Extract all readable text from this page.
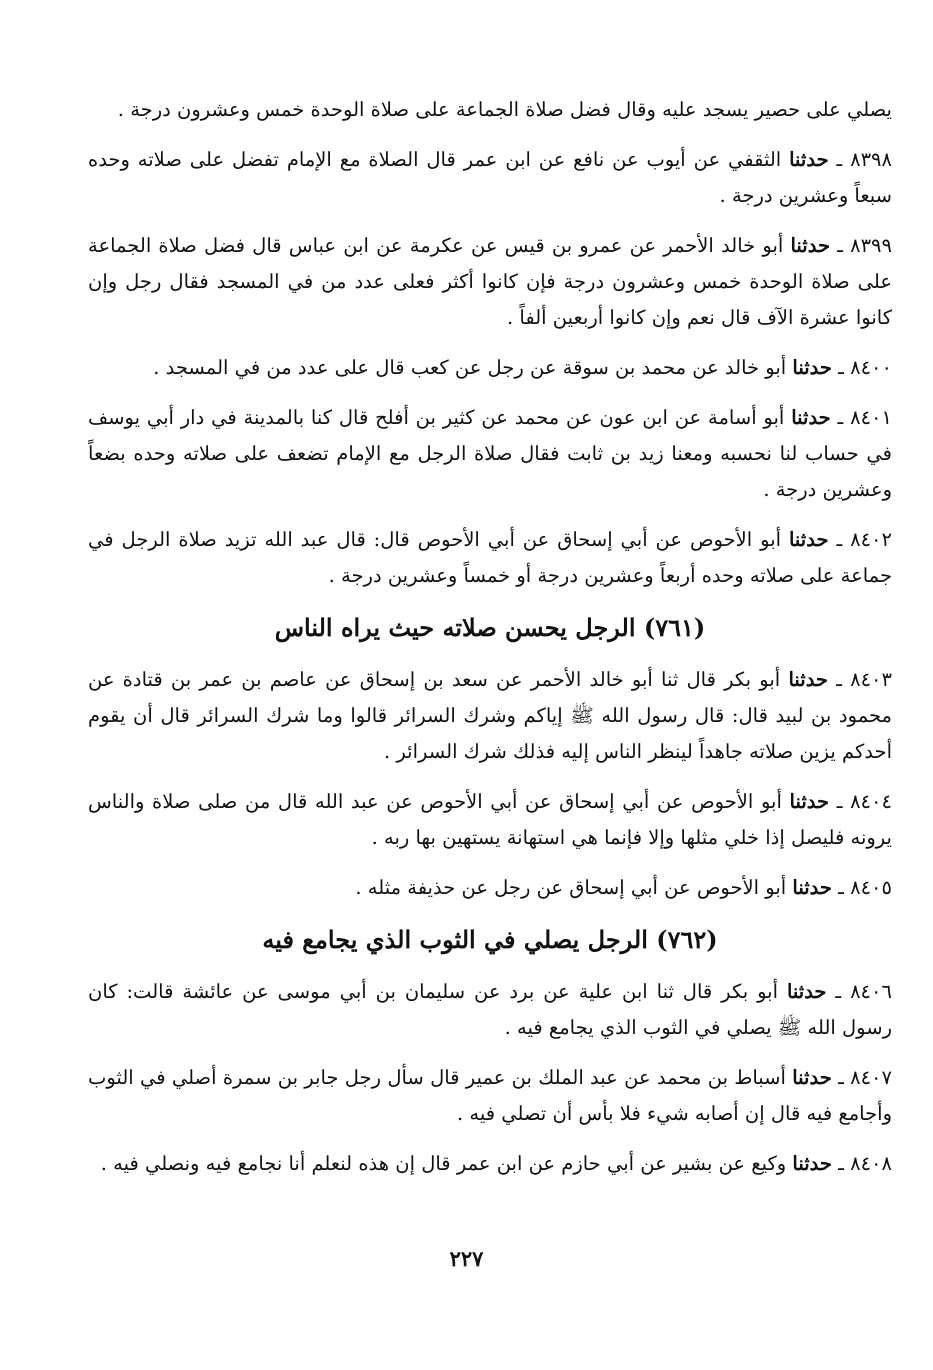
يصلي على حصير يسجد عليه وقال فضل صلاة الجماعة على صلاة الوحدة خمس وعشرون درجة .

٨٣٩٨ ـ حدثنا الثقفي عن أيوب عن نافع عن ابن عمر قال الصلاة مع الإمام تفضل على صلاته وحده سبعاً وعشرين درجة .

٨٣٩٩ ـ حدثنا أبو خالد الأحمر عن عمرو بن قيس عن عكرمة عن ابن عباس قال فضل صلاة الجماعة على صلاة الوحدة خمس وعشرون درجة فإن كانوا أكثر فعلى عدد من في المسجد فقال رجل وإن كانوا عشرة الآف قال نعم وإن كانوا أربعين ألفاً .

٨٤٠٠ ـ حدثنا أبو خالد عن محمد بن سوقة عن رجل عن كعب قال على عدد من في المسجد .

٨٤٠١ ـ حدثنا أبو أسامة عن ابن عون عن محمد عن كثير بن أفلح قال كنا بالمدينة في دار أبي يوسف في حساب لنا نحسبه ومعنا زيد بن ثابت فقال صلاة الرجل مع الإمام تضعف على صلاته وحده بضعاً وعشرين درجة .

٨٤٠٢ ـ حدثنا أبو الأحوص عن أبي إسحاق عن أبي الأحوص قال: قال عبد الله تزيد صلاة الرجل في جماعة على صلاته وحده أربعاً وعشرين درجة أو خمساً وعشرين درجة .

(٧٦١) الرجل يحسن صلاته حيث يراه الناس

٨٤٠٣ ـ حدثنا أبو بكر قال ثنا أبو خالد الأحمر عن سعد بن إسحاق عن عاصم بن عمر بن قتادة عن محمود بن لبيد قال: قال رسول الله ﷺ إياكم وشرك السرائر قالوا وما شرك السرائر قال أن يقوم أحدكم يزين صلاته جاهداً لينظر الناس إليه فذلك شرك السرائر .

٨٤٠٤ ـ حدثنا أبو الأحوص عن أبي إسحاق عن أبي الأحوص عن عبد الله قال من صلى صلاة والناس يرونه فليصل إذا خلي مثلها وإلا فإنما هي استهانة يستهين بها ربه .

٨٤٠٥ ـ حدثنا أبو الأحوص عن أبي إسحاق عن رجل عن حذيفة مثله .

(٧٦٢) الرجل يصلي في الثوب الذي يجامع فيه

٨٤٠٦ ـ حدثنا أبو بكر قال ثنا ابن علية عن برد عن سليمان بن أبي موسى عن عائشة قالت: كان رسول الله ﷺ يصلي في الثوب الذي يجامع فيه .

٨٤٠٧ ـ حدثنا أسباط بن محمد عن عبد الملك بن عمير قال سأل رجل جابر بن سمرة أصلي في الثوب وأجامع فيه قال إن أصابه شيء فلا بأس أن تصلي فيه .

٨٤٠٨ ـ حدثنا وكيع عن بشير عن أبي حازم عن ابن عمر قال إن هذه لنعلم أنا نجامع فيه ونصلي فيه .

٢٢٧
